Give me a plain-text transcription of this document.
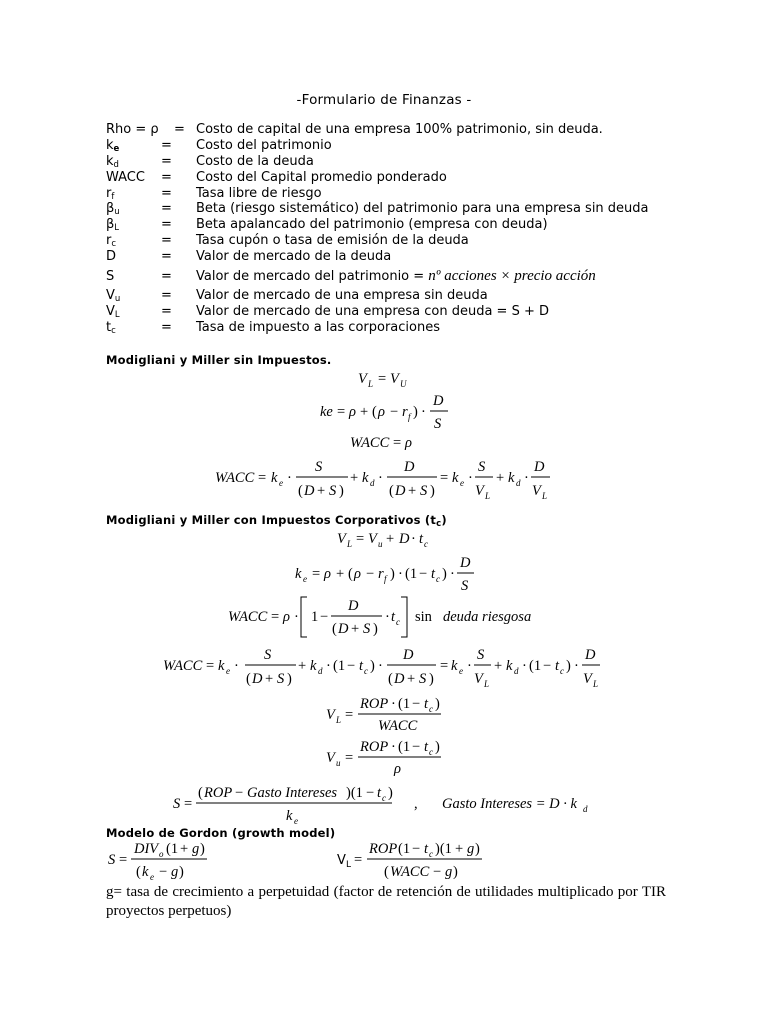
-Formulario de Finanzas -
Rho = ρ = Costo de capital de una empresa 100% patrimonio, sin deuda.
$k_e$	= Costo del patrimonio
$k_d$	= Costo de la deuda
WACC = Costo del Capital promedio ponderado
$r_f$	= Tasa libre de riesgo
$\beta_u$	= Beta (riesgo sistemático) del patrimonio para una empresa sin deuda
$\beta_L$	= Beta apalancado del patrimonio (empresa con deuda)
$r_c$	= Tasa cupón o tasa de emisión de la deuda
D	= Valor de mercado de la deuda
S	= Valor de mercado del patrimonio = nº acciones × precio acción
$V_u$	= Valor de mercado de una empresa sin deuda
$V_L$	= Valor de mercado de una empresa con deuda = S + D
$t_c$	= Tasa de impuesto a las corporaciones
Modigliani y Miller sin Impuestos.
V L = V U
ke = ρ + ( ρ − r f ) ·
D
S
WACC = ρ
WACC = k e ·
S
( D + S )
+ k d ·
D
( D + S )
= k e ·
S
V L
+ k d ·
D
V L
Modigliani y Miller con Impuestos Corporativos $(t_c)$
V L = V u + D · t c
k e = ρ + ( ρ − r f ) · (1 − t c ) ·
D
S
WACC = ρ · 1 −
D
( D + S )
· t c sin deuda riesgosa
WACC = k e ·
S
( D + S )
+ k d · (1 − t c ) ·
D
( D + S )
= k e ·
S
V L
+ k d · (1 − t c ) ·
D
V L
V L =
ROP · (1 − t c )
WACC
V u =
ROP · (1 − t c )
ρ
S =
( ROP − Gasto Intereses )(1 − t c )
k e
, Gasto Intereses = D · k d
Modelo de Gordon (growth model)
S =
DIV o (1 + g )
( k e − g )
V L =
ROP (1 − t c )(1 + g )
( WACC − g )
g= tasa de crecimiento a perpetuidad (factor de retención de utilidades multiplicado por TIR proyectos perpetuos)
